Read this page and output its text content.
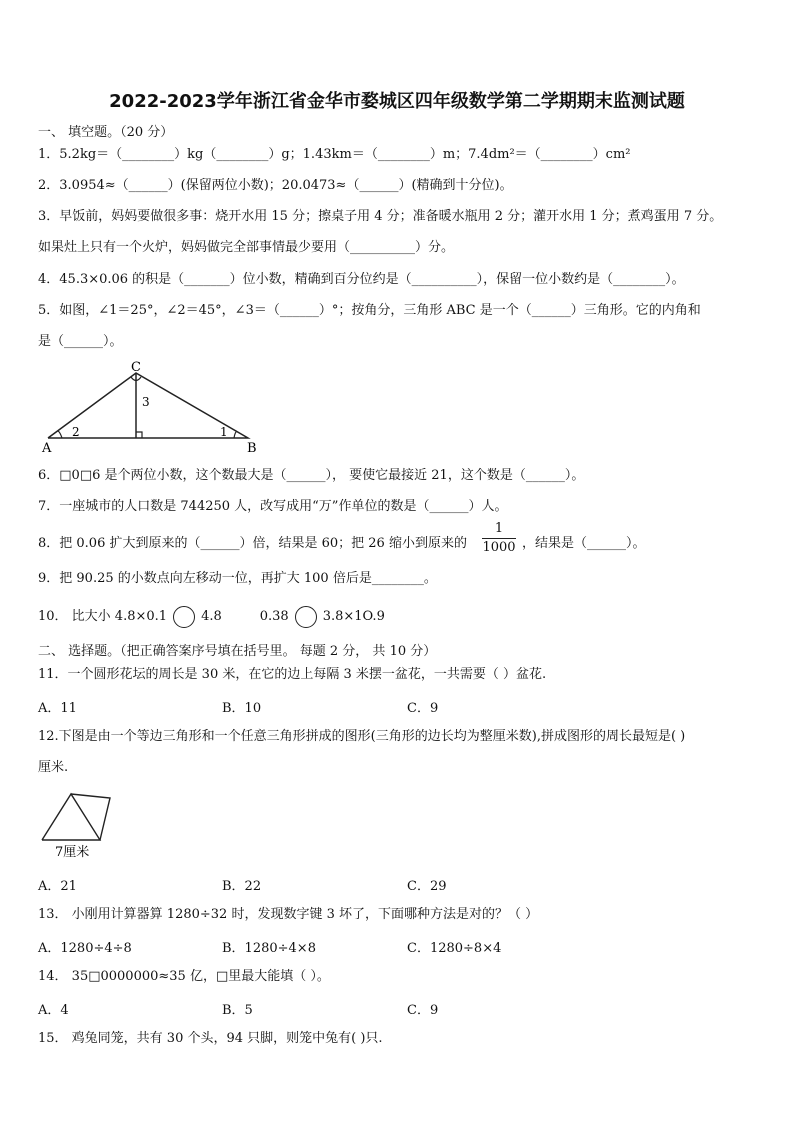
2022-2023学年浙江省金华市婺城区四年级数学第二学期期末监测试题
一、 填空题。（20 分）
1．5.2kg＝（________）kg（________）g；1.43km＝（________）m；7.4dm²＝（________）cm²
2．3.0954≈（______）(保留两位小数)；20.0473≈（______）(精确到十分位)。
3．早饭前，妈妈要做很多事：烧开水用 15 分；擦桌子用 4 分；准备暖水瓶用 2 分；灌开水用 1 分；煮鸡蛋用 7 分。
如果灶上只有一个火炉，妈妈做完全部事情最少要用（__________）分。
4．45.3×0.06 的积是（_______）位小数，精确到百分位约是（__________），保留一位小数约是（________）。
5．如图，∠1＝25°，∠2＝45°，∠3＝（______）°；按角分，三角形 ABC 是一个（______）三角形。它的内角和
是（______）。
C
A	B
3
2	1
6．□0□6 是个两位小数，这个数最大是（______）， 要使它最接近 21，这个数是（______）。
7．一座城市的人口数是 744250 人，改写成用“万”作单位的数是（______）人。
8．把 0.06 扩大到原来的（______）倍，结果是 60；把 26 缩小到原来的
1
1000 ，结果是（______）。
9．把 90.25 的小数点向左移动一位，再扩大 100 倍后是________。
10． 比大小 4.8×0.1	4.8	0.38	3.8×1O.9
二、 选择题。（把正确答案序号填在括号里。 每题 2 分， 共 10 分）
11．一个圆形花坛的周长是 30 米，在它的边上每隔 3 米摆一盆花，一共需要（ ）盆花.
A．11	B．10	C．9
12.下图是由一个等边三角形和一个任意三角形拼成的图形(三角形的边长均为整厘米数),拼成图形的周长最短是( )
厘米.
7厘米
A．21	B．22	C．29
13． 小刚用计算器算 1280÷32 时，发现数字键 3 坏了，下面哪种方法是对的？（ ）
A．1280÷4÷8	B．1280÷4×8	C．1280÷8×4
14． 35□0000000≈35 亿，□里最大能填（ ）。
A．4	B．5	C．9
15． 鸡兔同笼，共有 30 个头，94 只脚，则笼中兔有( )只.
